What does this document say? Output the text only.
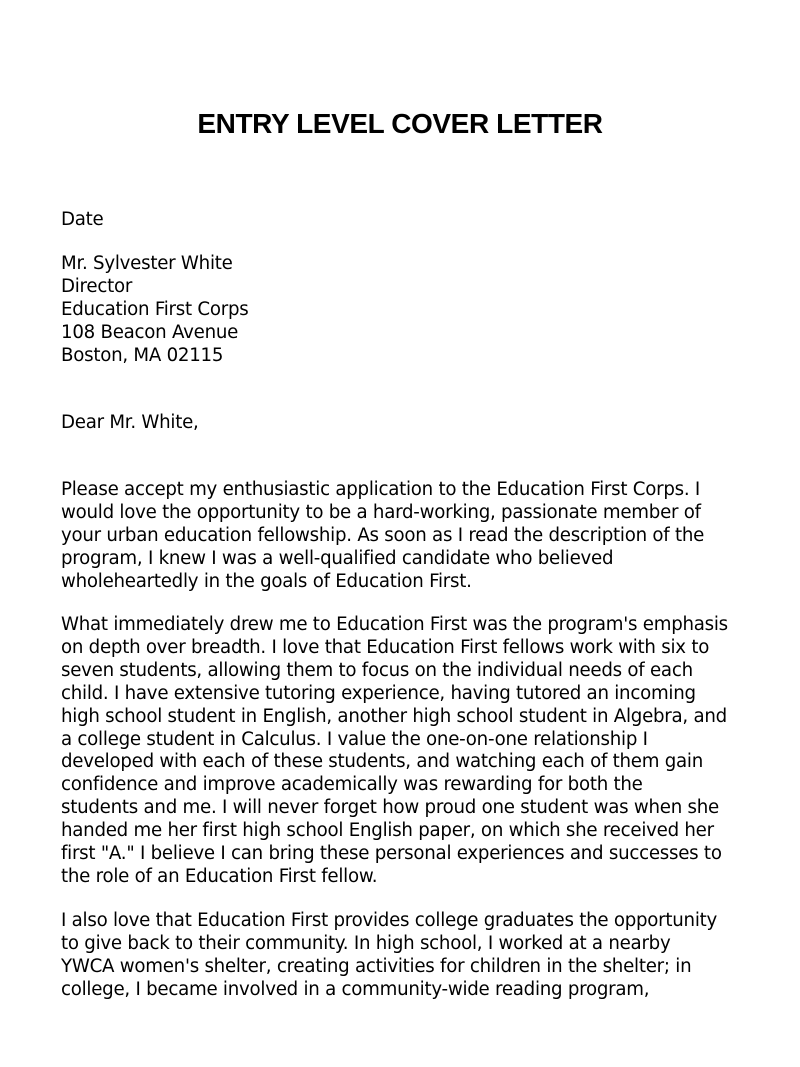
ENTRY LEVEL COVER LETTER

Date

Mr. Sylvester White

Director

Education First Corps

108 Beacon Avenue

Boston, MA 02115

Dear Mr. White,

Please accept my enthusiastic application to the Education First Corps. I
would love the opportunity to be a hard-working, passionate member of
your urban education fellowship. As soon as I read the description of the
program, I knew I was a well-qualified candidate who believed
wholeheartedly in the goals of Education First.
What immediately drew me to Education First was the program's emphasis
on depth over breadth. I love that Education First fellows work with six to
seven students, allowing them to focus on the individual needs of each
child. I have extensive tutoring experience, having tutored an incoming
high school student in English, another high school student in Algebra, and
a college student in Calculus. I value the one-on-one relationship I
developed with each of these students, and watching each of them gain
confidence and improve academically was rewarding for both the
students and me. I will never forget how proud one student was when she
handed me her first high school English paper, on which she received her
first "A." I believe I can bring these personal experiences and successes to
the role of an Education First fellow.
I also love that Education First provides college graduates the opportunity
to give back to their community. In high school, I worked at a nearby
YWCA women's shelter, creating activities for children in the shelter; in
college, I became involved in a community-wide reading program,
